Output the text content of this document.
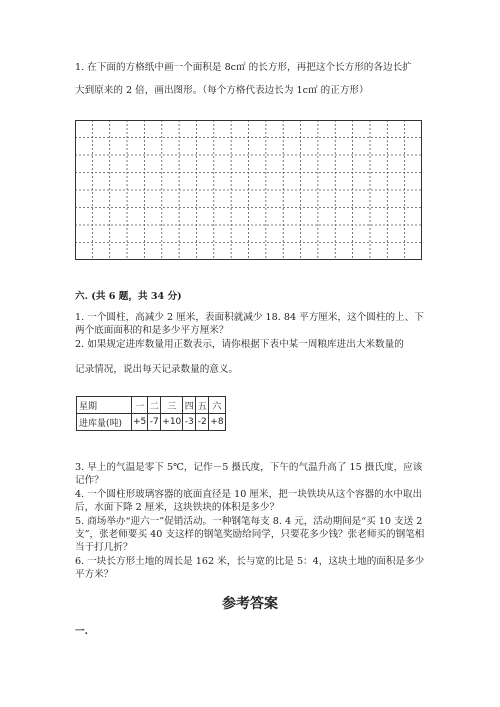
1. 在下面的方格纸中画一个面积是 8c㎡ 的长方形，再把这个长方形的各边长扩
大到原来的 2 倍，画出图形。（每个方格代表边长为 1c㎡ 的正方形）
六. (共 6 题，共 34 分)
1. 一个圆柱，高减少 2 厘米，表面积就减少 18. 84 平方厘米，这个圆柱的上、下两个底面面积的和是多少平方厘米？
2. 如果规定进库数量用正数表示，请你根据下表中某一周粮库进出大米数量的
记录情况，说出每天记录数量的意义。
星期	一	二	三	四	五	六
进库量(吨)	+5	-7	+10	-3	-2	+8
3. 早上的气温是零下 5℃，记作－5 摄氏度，下午的气温升高了 15 摄氏度，应该记作？
4. 一个圆柱形玻璃容器的底面直径是 10 厘米，把一块铁块从这个容器的水中取出后，水面下降 2 厘米，这块铁块的体积是多少？
5. 商场举办“迎六一”促销活动。一种钢笔每支 8. 4 元，活动期间是“买 10 支送 2 支”，张老师要买 40 支这样的钢笔奖励给同学，只要花多少钱？张老师买的钢笔相当于打几折？
6. 一块长方形土地的周长是 162 米，长与宽的比是 5：4，这块土地的面积是多少平方米？
参考答案
一.
